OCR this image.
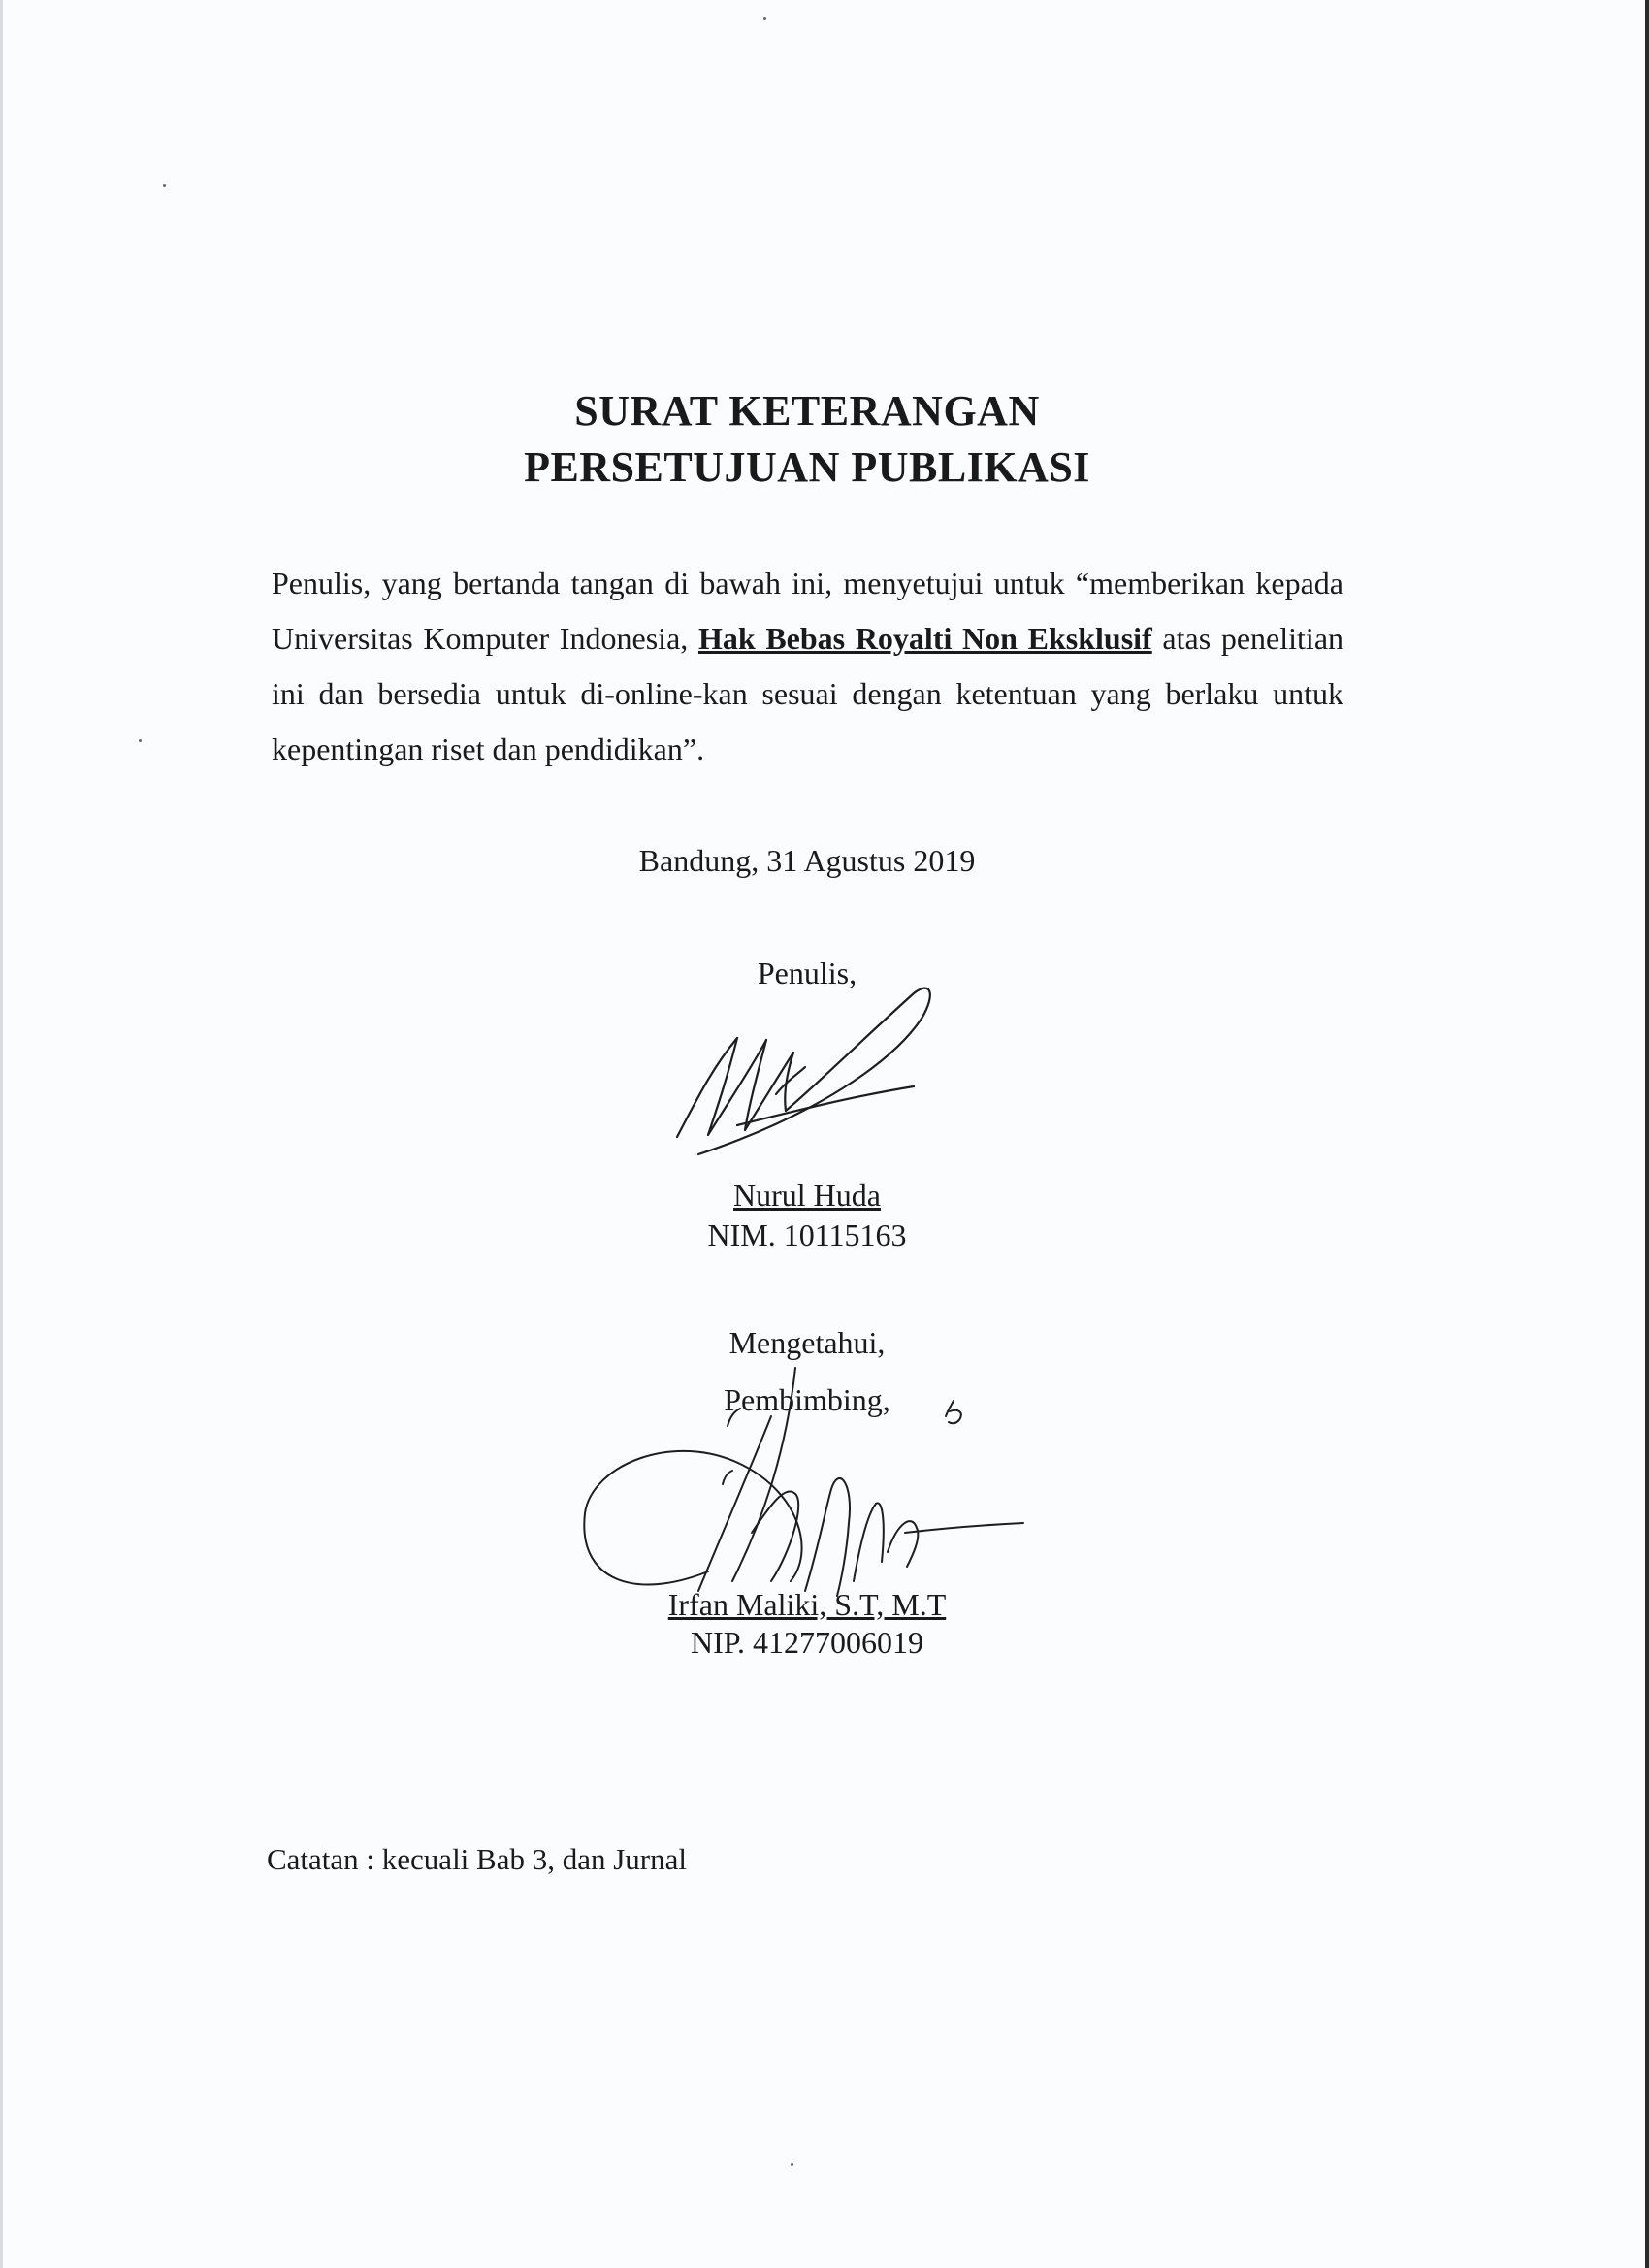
SURAT KETERANGAN
PERSETUJUAN PUBLIKASI
Penulis, yang bertanda tangan di bawah ini, menyetujui untuk “memberikan kepada Universitas Komputer Indonesia, Hak Bebas Royalti Non Eksklusif atas penelitian ini dan bersedia untuk di-online-kan sesuai dengan ketentuan yang berlaku untuk kepentingan riset dan pendidikan”.
Bandung, 31 Agustus 2019
Penulis,
Nurul Huda
NIM. 10115163
Mengetahui,
Pembimbing,
Irfan Maliki, S.T, M.T
NIP. 41277006019
Catatan : kecuali Bab 3, dan Jurnal
